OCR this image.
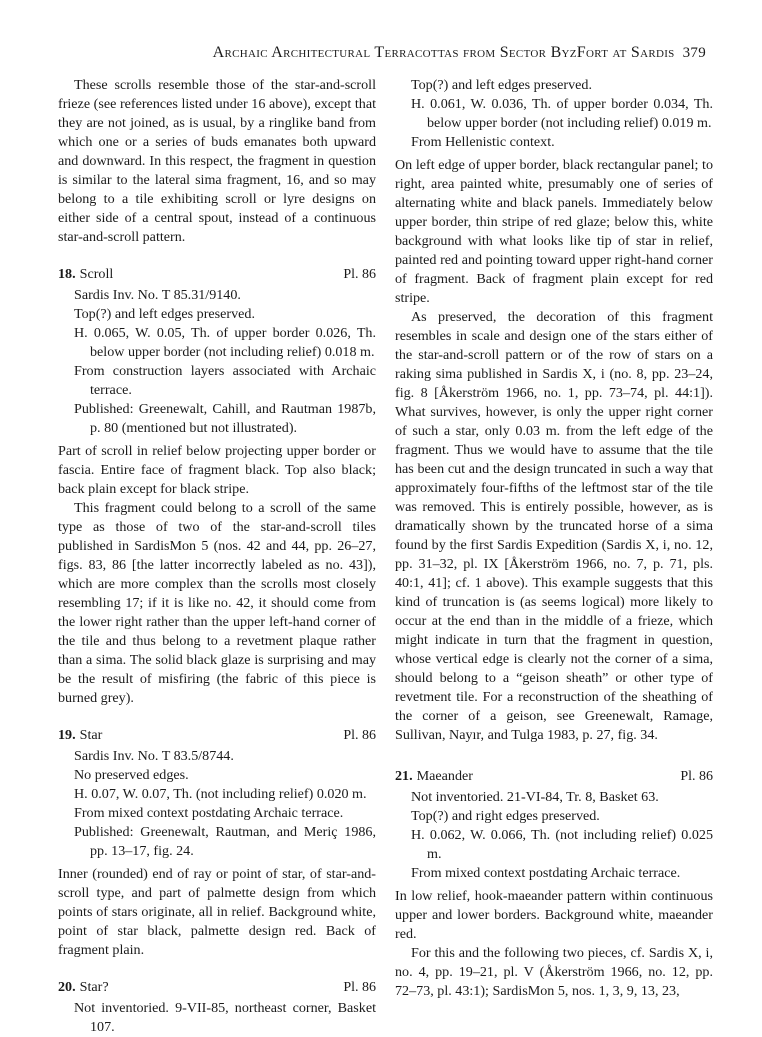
Archaic Architectural Terracottas from Sector ByzFort at Sardis 379

These scrolls resemble those of the star-and-scroll frieze (see references listed under 16 above), except that they are not joined, as is usual, by a ringlike band from which one or a series of buds emanates both upward and downward. In this respect, the fragment in question is similar to the lateral sima fragment, 16, and so may belong to a tile exhibiting scroll or lyre designs on either side of a central spout, instead of a continuous star-and-scroll pattern.

18. Scroll	Pl. 86

Sardis Inv. No. T 85.31/9140.

Top(?) and left edges preserved.

H. 0.065, W. 0.05, Th. of upper border 0.026, Th. below upper border (not including relief) 0.018 m.

From construction layers associated with Archaic terrace.

Published: Greenewalt, Cahill, and Rautman 1987b, p. 80 (mentioned but not illustrated).

Part of scroll in relief below projecting upper border or fascia. Entire face of fragment black. Top also black; back plain except for black stripe.

This fragment could belong to a scroll of the same type as those of two of the star-and-scroll tiles published in SardisMon 5 (nos. 42 and 44, pp. 26–27, figs. 83, 86 [the latter incorrectly labeled as no. 43]), which are more complex than the scrolls most closely resembling 17; if it is like no. 42, it should come from the lower right rather than the upper left-hand corner of the tile and thus belong to a revetment plaque rather than a sima. The solid black glaze is surprising and may be the result of misfiring (the fabric of this piece is burned grey).

19. Star	Pl. 86

Sardis Inv. No. T 83.5/8744.

No preserved edges.

H. 0.07, W. 0.07, Th. (not including relief) 0.020 m.

From mixed context postdating Archaic terrace.

Published: Greenewalt, Rautman, and Meriç 1986, pp. 13–17, fig. 24.

Inner (rounded) end of ray or point of star, of star-and-scroll type, and part of palmette design from which points of stars originate, all in relief. Background white, point of star black, palmette design red. Back of fragment plain.

20. Star?	Pl. 86

Not inventoried. 9-VII-85, northeast corner, Basket 107.

Top(?) and left edges preserved.

H. 0.061, W. 0.036, Th. of upper border 0.034, Th. below upper border (not including relief) 0.019 m.

From Hellenistic context.

On left edge of upper border, black rectangular panel; to right, area painted white, presumably one of series of alternating white and black panels. Immediately below upper border, thin stripe of red glaze; below this, white background with what looks like tip of star in relief, painted red and pointing toward upper right-hand corner of fragment. Back of fragment plain except for red stripe.

As preserved, the decoration of this fragment resembles in scale and design one of the stars either of the star-and-scroll pattern or of the row of stars on a raking sima published in Sardis X, i (no. 8, pp. 23–24, fig. 8 [Åkerström 1966, no. 1, pp. 73–74, pl. 44:1]). What survives, however, is only the upper right corner of such a star, only 0.03 m. from the left edge of the fragment. Thus we would have to assume that the tile has been cut and the design truncated in such a way that approximately four-fifths of the leftmost star of the tile was removed. This is entirely possible, however, as is dramatically shown by the truncated horse of a sima found by the first Sardis Expedition (Sardis X, i, no. 12, pp. 31–32, pl. IX [Åkerström 1966, no. 7, p. 71, pls. 40:1, 41]; cf. 1 above). This example suggests that this kind of truncation is (as seems logical) more likely to occur at the end than in the middle of a frieze, which might indicate in turn that the fragment in question, whose vertical edge is clearly not the corner of a sima, should belong to a “geison sheath” or other type of revetment tile. For a reconstruction of the sheathing of the corner of a geison, see Greenewalt, Ramage, Sullivan, Nayır, and Tulga 1983, p. 27, fig. 34.

21. Maeander	Pl. 86

Not inventoried. 21-VI-84, Tr. 8, Basket 63.

Top(?) and right edges preserved.

H. 0.062, W. 0.066, Th. (not including relief) 0.025 m.

From mixed context postdating Archaic terrace.

In low relief, hook-maeander pattern within continuous upper and lower borders. Background white, maeander red.

For this and the following two pieces, cf. Sardis X, i, no. 4, pp. 19–21, pl. V (Åkerström 1966, no. 12, pp. 72–73, pl. 43:1); SardisMon 5, nos. 1, 3, 9, 13, 23,
